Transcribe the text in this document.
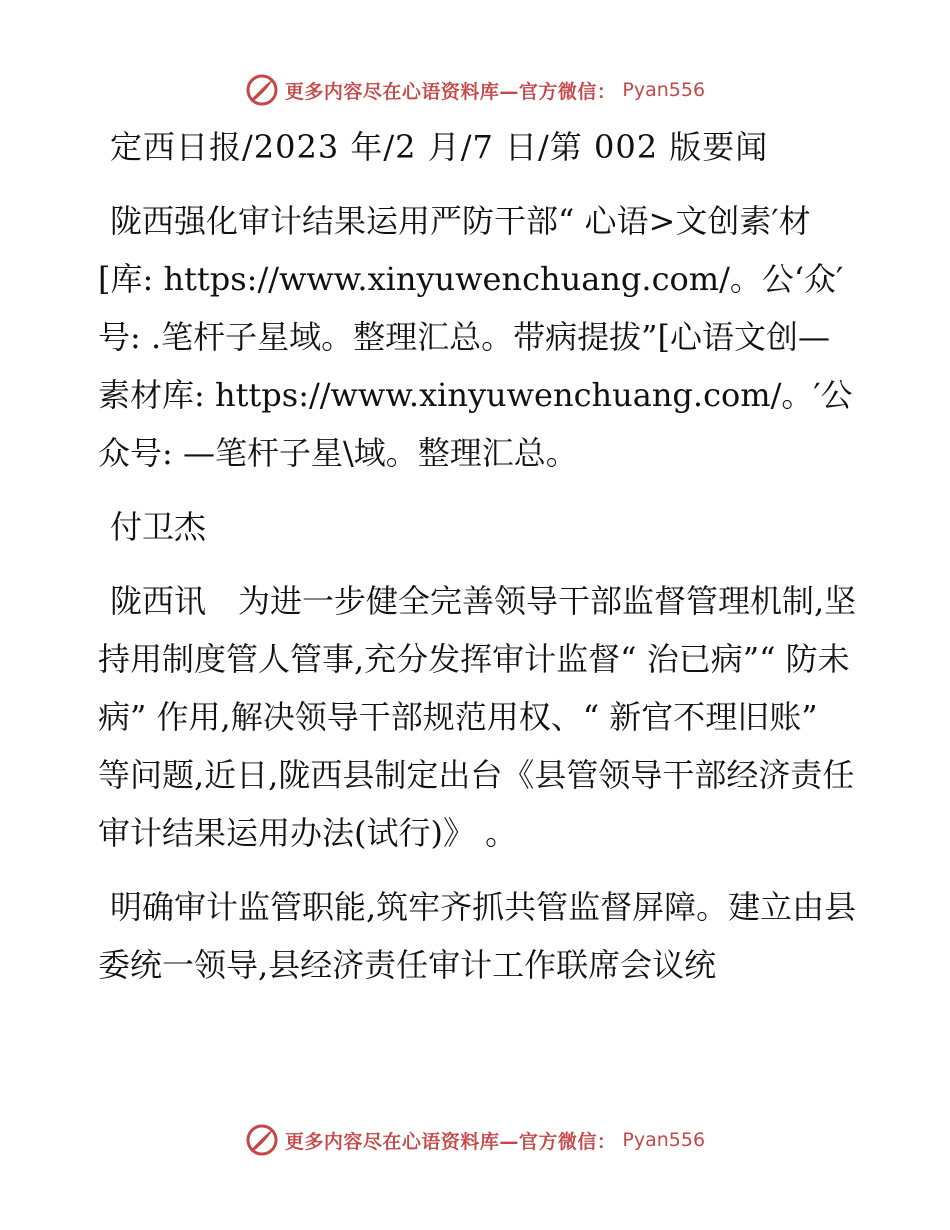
更多内容尽在心语资料库—官方微信： Pyan556

定西日报/2023 年/2 月/7 日/第 002 版要闻

陇西强化审计结果运用严防干部“ 心语>文创素′材[库: https://www.xinyuwenchuang.com/。公‘众′号: .笔杆子星域。整理汇总。带病提拔”[心语文创—素材库: https://www.xinyuwenchuang.com/。′公众号: —笔杆子星\域。整理汇总。

付卫杰

陇西讯　为进一步健全完善领导干部监督管理机制,坚持用制度管人管事,充分发挥审计监督“ 治已病”“ 防未病” 作用,解决领导干部规范用权、“ 新官不理旧账” 等问题,近日,陇西县制定出台《县管领导干部经济责任审计结果运用办法(试行)》 。

明确审计监管职能,筑牢齐抓共管监督屏障。建立由县委统一领导,县经济责任审计工作联席会议统

更多内容尽在心语资料库—官方微信： Pyan556
